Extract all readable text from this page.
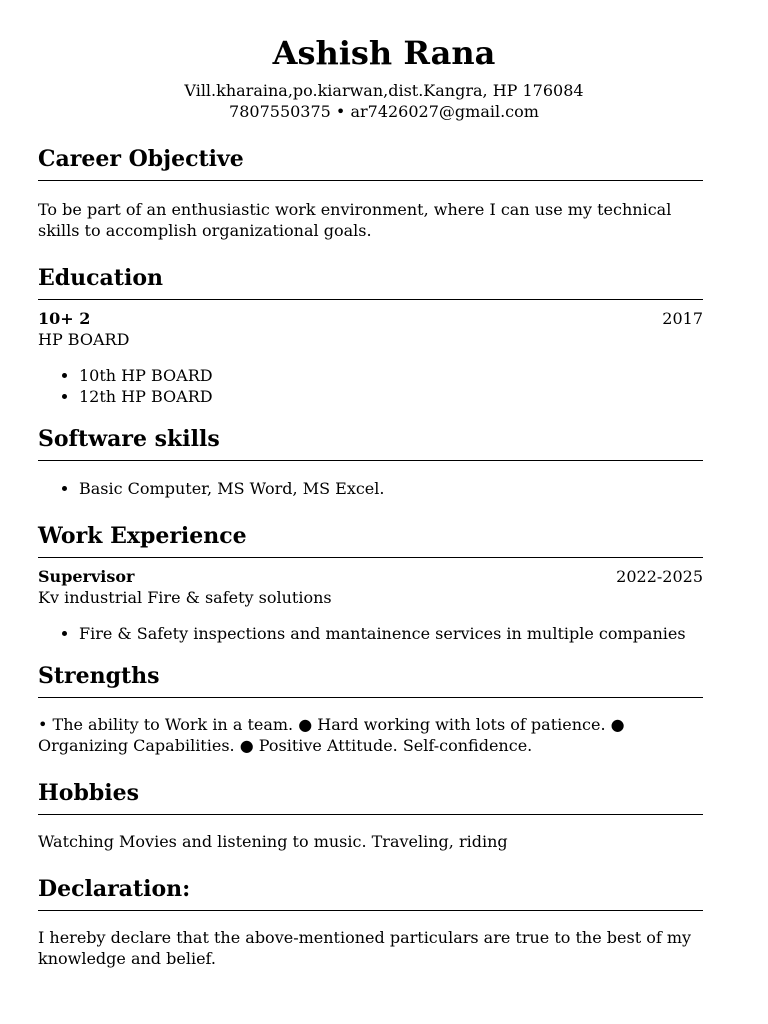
Ashish Rana
Vill.kharaina,po.kiarwan,dist.Kangra, HP 176084
7807550375 • ar7426027@gmail.com
Career Objective

To be part of an enthusiastic work environment, where I can use my technical skills to accomplish organizational goals.

Education
10+ 2	2017

HP BOARD

• 10th HP BOARD
• 12th HP BOARD
Software skills
• Basic Computer, MS Word, MS Excel.
Work Experience
Supervisor	2022-2025

Kv industrial Fire & safety solutions

• Fire & Safety inspections and mantainence services in multiple companies
Strengths

• The ability to Work in a team. ● Hard working with lots of patience. ● Organizing Capabilities. ● Positive Attitude. Self-confidence.

Hobbies

Watching Movies and listening to music. Traveling, riding

Declaration:

I hereby declare that the above-mentioned particulars are true to the best of my knowledge and belief.
